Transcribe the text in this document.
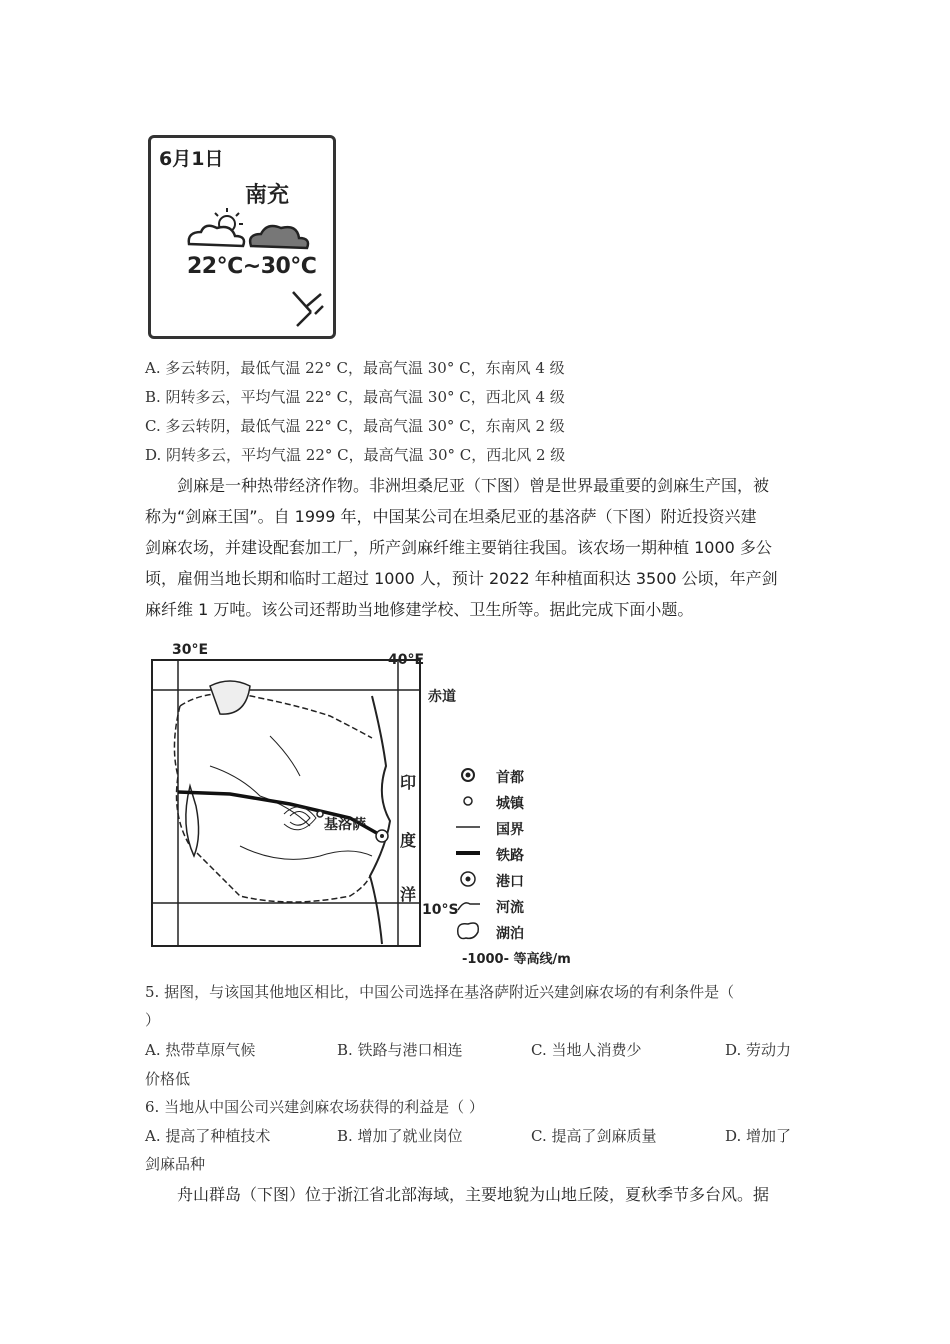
6月1日
南充
22℃~30℃
A. 多云转阴，最低气温 22° C，最高气温 30° C，东南风 4 级
B. 阴转多云，平均气温 22° C，最高气温 30° C，西北风 4 级
C. 多云转阴，最低气温 22° C，最高气温 30° C，东南风 2 级
D. 阴转多云，平均气温 22° C，最高气温 30° C，西北风 2 级
剑麻是一种热带经济作物。非洲坦桑尼亚（下图）曾是世界最重要的剑麻生产国，被
称为“剑麻王国”。自 1999 年，中国某公司在坦桑尼亚的基洛萨（下图）附近投资兴建
剑麻农场，并建设配套加工厂，所产剑麻纤维主要销往我国。该农场一期种植 1000 多公
顷，雇佣当地长期和临时工超过 1000 人，预计 2022 年种植面积达 3500 公顷，年产剑
麻纤维 1 万吨。该公司还帮助当地修建学校、卫生所等。据此完成下面小题。
30°E
40°E
赤道
10°S
基洛萨
印
度
洋
首都
城镇
国界
铁路
港口
河流
湖泊
-1000- 等高线/m
5. 据图，与该国其他地区相比，中国公司选择在基洛萨附近兴建剑麻农场的有利条件是（
）
A. 热带草原气候	B. 铁路与港口相连	C. 当地人消费少	D. 劳动力
价格低
6. 当地从中国公司兴建剑麻农场获得的利益是（ ）
A. 提高了种植技术	B. 增加了就业岗位	C. 提高了剑麻质量	D. 增加了
剑麻品种
舟山群岛（下图）位于浙江省北部海域，主要地貌为山地丘陵，夏秋季节多台风。据
